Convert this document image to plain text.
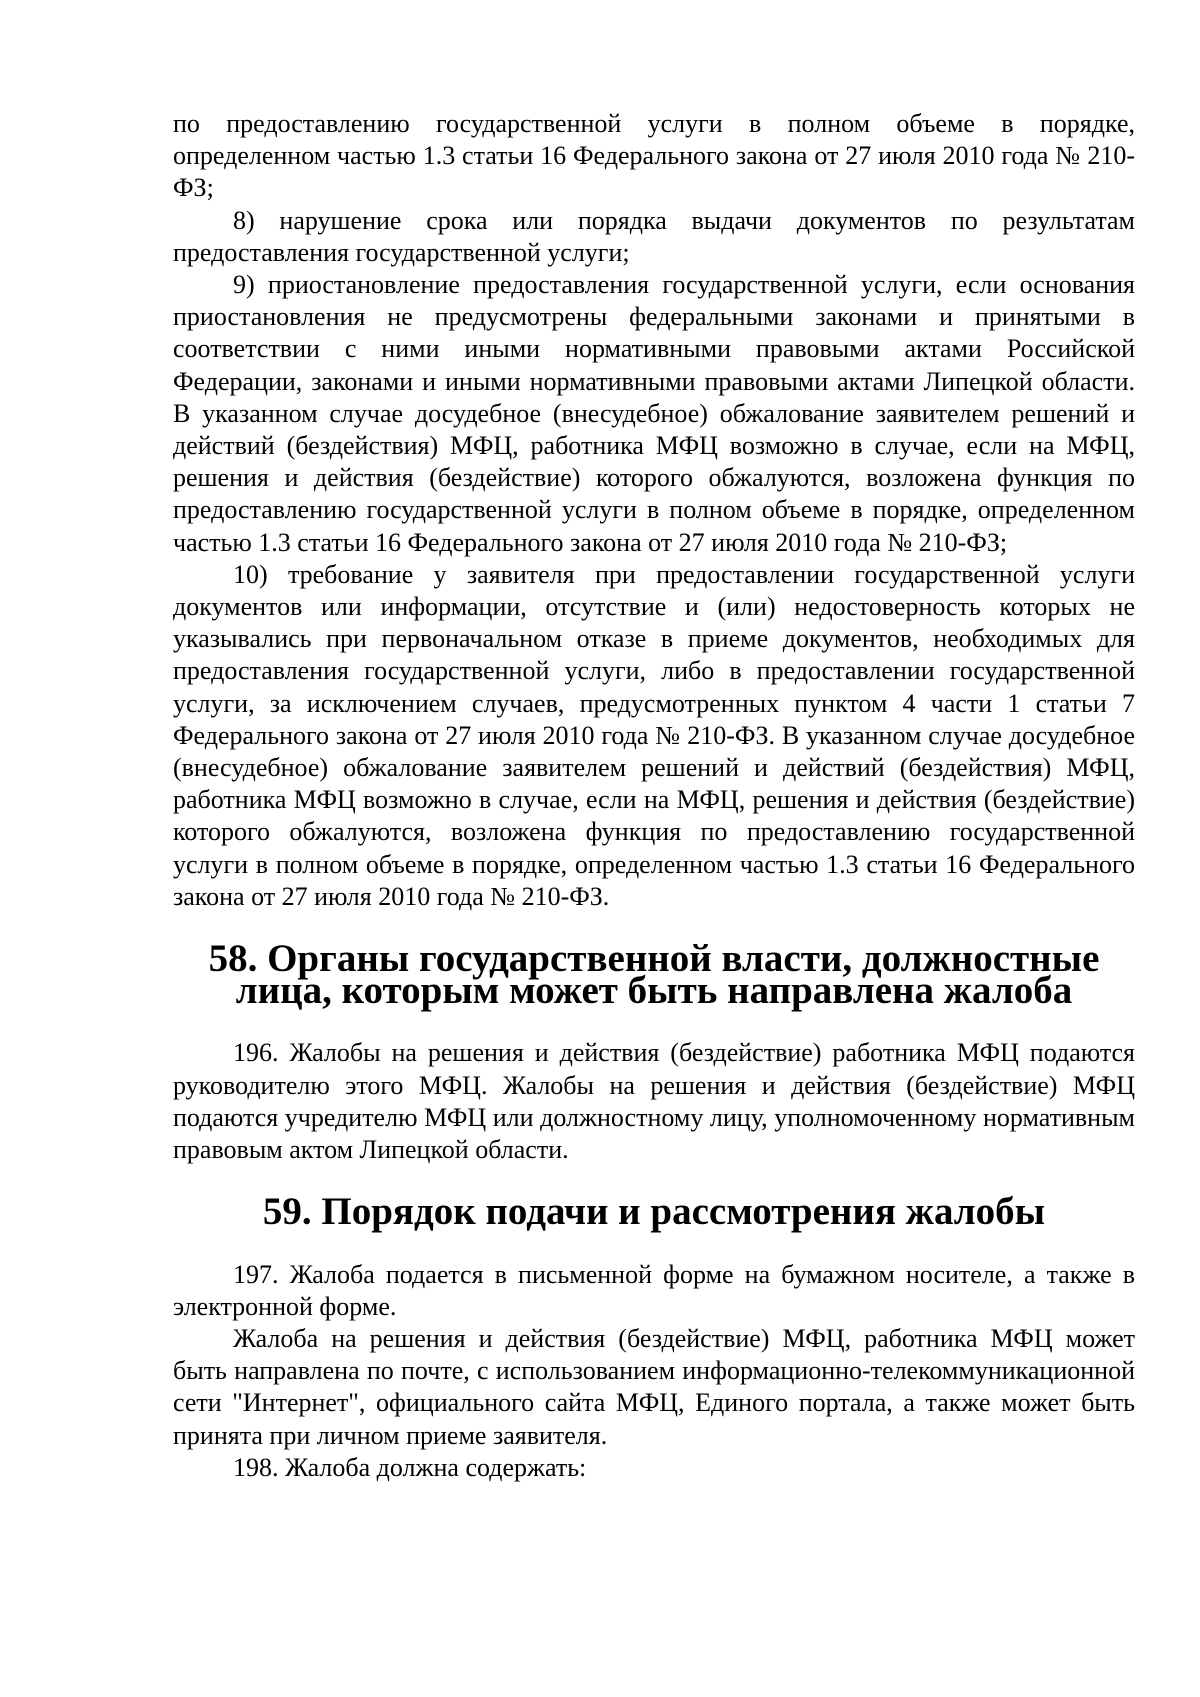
по предоставлению государственной услуги в полном объеме в порядке, определенном частью 1.3 статьи 16 Федерального закона от 27 июля 2010 года № 210-ФЗ;

8) нарушение срока или порядка выдачи документов по результатам предоставления государственной услуги;

9) приостановление предоставления государственной услуги, если основания приостановления не предусмотрены федеральными законами и принятыми в соответствии с ними иными нормативными правовыми актами Российской Федерации, законами и иными нормативными правовыми актами Липецкой области. В указанном случае досудебное (внесудебное) обжалование заявителем решений и действий (бездействия) МФЦ, работника МФЦ возможно в случае, если на МФЦ, решения и действия (бездействие) которого обжалуются, возложена функция по предоставлению государственной услуги в полном объеме в порядке, определенном частью 1.3 статьи 16 Федерального закона от 27 июля 2010 года № 210-ФЗ;

10) требование у заявителя при предоставлении государственной услуги документов или информации, отсутствие и (или) недостоверность которых не указывались при первоначальном отказе в приеме документов, необходимых для предоставления государственной услуги, либо в предоставлении государственной услуги, за исключением случаев, предусмотренных пунктом 4 части 1 статьи 7 Федерального закона от 27 июля 2010 года № 210-ФЗ. В указанном случае досудебное (внесудебное) обжалование заявителем решений и действий (бездействия) МФЦ, работника МФЦ возможно в случае, если на МФЦ, решения и действия (бездействие) которого обжалуются, возложена функция по предоставлению государственной услуги в полном объеме в порядке, определенном частью 1.3 статьи 16 Федерального закона от 27 июля 2010 года № 210-ФЗ.

58. Органы государственной власти, должностные
лица, которым может быть направлена жалоба

196. Жалобы на решения и действия (бездействие) работника МФЦ подаются руководителю этого МФЦ. Жалобы на решения и действия (бездействие) МФЦ подаются учредителю МФЦ или должностному лицу, уполномоченному нормативным правовым актом Липецкой области.

59. Порядок подачи и рассмотрения жалобы

197. Жалоба подается в письменной форме на бумажном носителе, а также в электронной форме.

Жалоба на решения и действия (бездействие) МФЦ, работника МФЦ может быть направлена по почте, с использованием информационно-телекоммуникационной сети "Интернет", официального сайта МФЦ, Единого портала, а также может быть принята при личном приеме заявителя.

198. Жалоба должна содержать:
